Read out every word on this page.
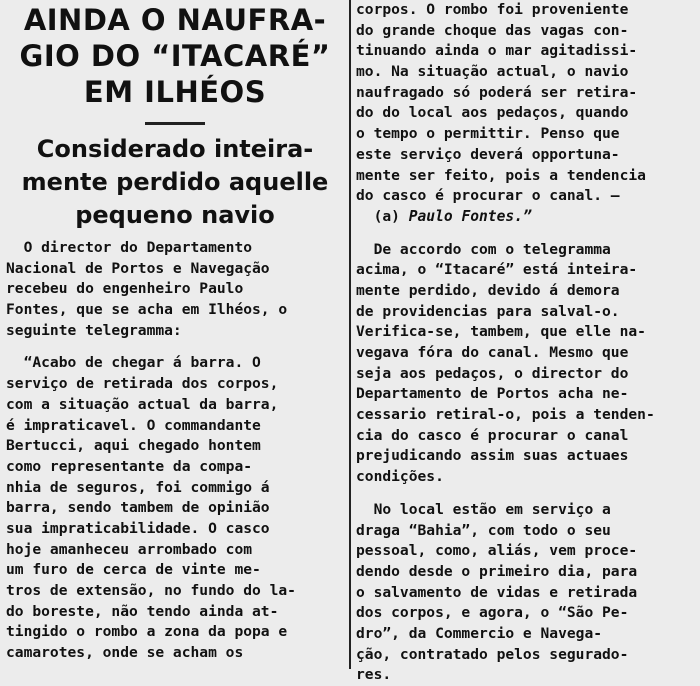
AINDA O NAUFRA-
GIO DO “ITACARÉ”
EM ILHÉOS
Considerado inteira-
mente perdido aquelle
pequeno navio
O director do Departamento
Nacional de Portos e Navegação
recebeu do engenheiro Paulo
Fontes, que se acha em Ilhéos, o
seguinte telegramma:
“Acabo de chegar á barra. O
serviço de retirada dos corpos,
com a situação actual da barra,
é impraticavel. O commandante
Bertucci, aqui chegado hontem
como representante da compa-
nhia de seguros, foi commigo á
barra, sendo tambem de opinião
sua impraticabilidade. O casco
hoje amanheceu arrombado com
um furo de cerca de vinte me-
tros de extensão, no fundo do la-
do boreste, não tendo ainda at-
tingido o rombo a zona da popa e
camarotes, onde se acham os
corpos. O rombo foi proveniente
do grande choque das vagas con-
tinuando ainda o mar agitadissi-
mo. Na situação actual, o navio
naufragado só poderá ser retira-
do do local aos pedaços, quando
o tempo o permittir. Penso que
este serviço deverá opportuna-
mente ser feito, pois a tendencia
do casco é procurar o canal. —
(a) Paulo Fontes.”
De accordo com o telegramma
acima, o “Itacaré” está inteira-
mente perdido, devido á demora
de providencias para salval-o.
Verifica-se, tambem, que elle na-
vegava fóra do canal. Mesmo que
seja aos pedaços, o director do
Departamento de Portos acha ne-
cessario retiral-o, pois a tenden-
cia do casco é procurar o canal
prejudicando assim suas actuaes
condições.
No local estão em serviço a
draga “Bahia”, com todo o seu
pessoal, como, aliás, vem proce-
dendo desde o primeiro dia, para
o salvamento de vidas e retirada
dos corpos, e agora, o “São Pe-
dro”, da Commercio e Navega-
ção, contratado pelos segurado-
res.
